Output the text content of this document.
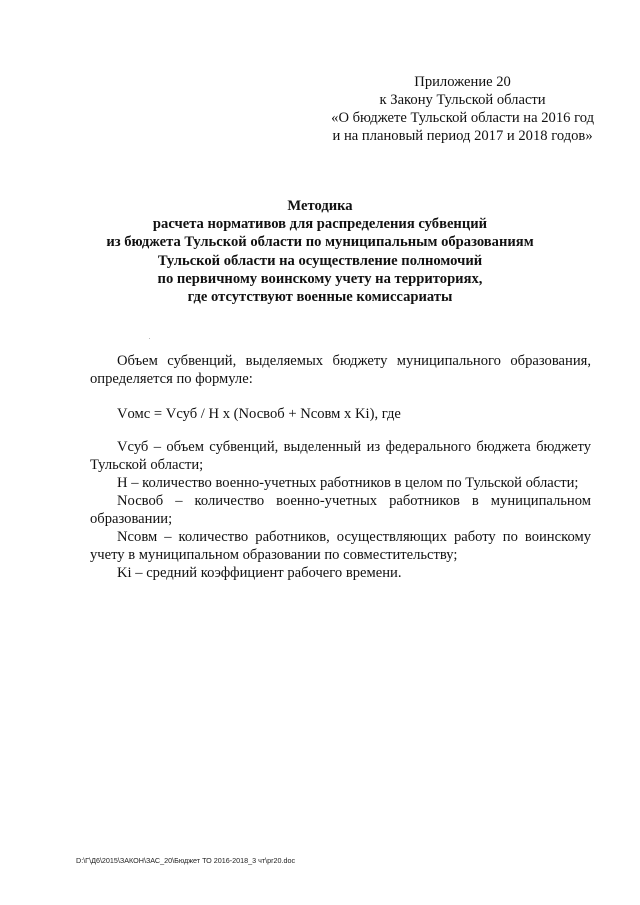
Приложение 20
к Закону Тульской области
«О бюджете Тульской области на 2016 год
и на плановый период 2017 и 2018 годов»
Методика
расчета нормативов для распределения субвенций
из бюджета Тульской области по муниципальным образованиям
Тульской области на осуществление полномочий
по первичному воинскому учету на территориях,
где отсутствуют военные комиссариаты

Объем субвенций, выделяемых бюджету муниципального образования, определяется по формуле:

Vомс = Vсуб / Н х (Nосвоб + Nсовм х Ki), где

Vсуб – объем субвенций, выделенный из федерального бюджета бюджету Тульской области;

Н – количество военно-учетных работников в целом по Тульской области;

Nосвоб – количество военно-учетных работников в муниципальном образовании;

Nсовм – количество работников, осуществляющих работу по воинскому учету в муниципальном образовании по совместительству;

Ki – средний коэффициент рабочего времени.

D:\Г\Д6\2015\ЗАКОН\ЗАС_20\Бюджет ТО 2016-2018_3 чт\pr20.doc
